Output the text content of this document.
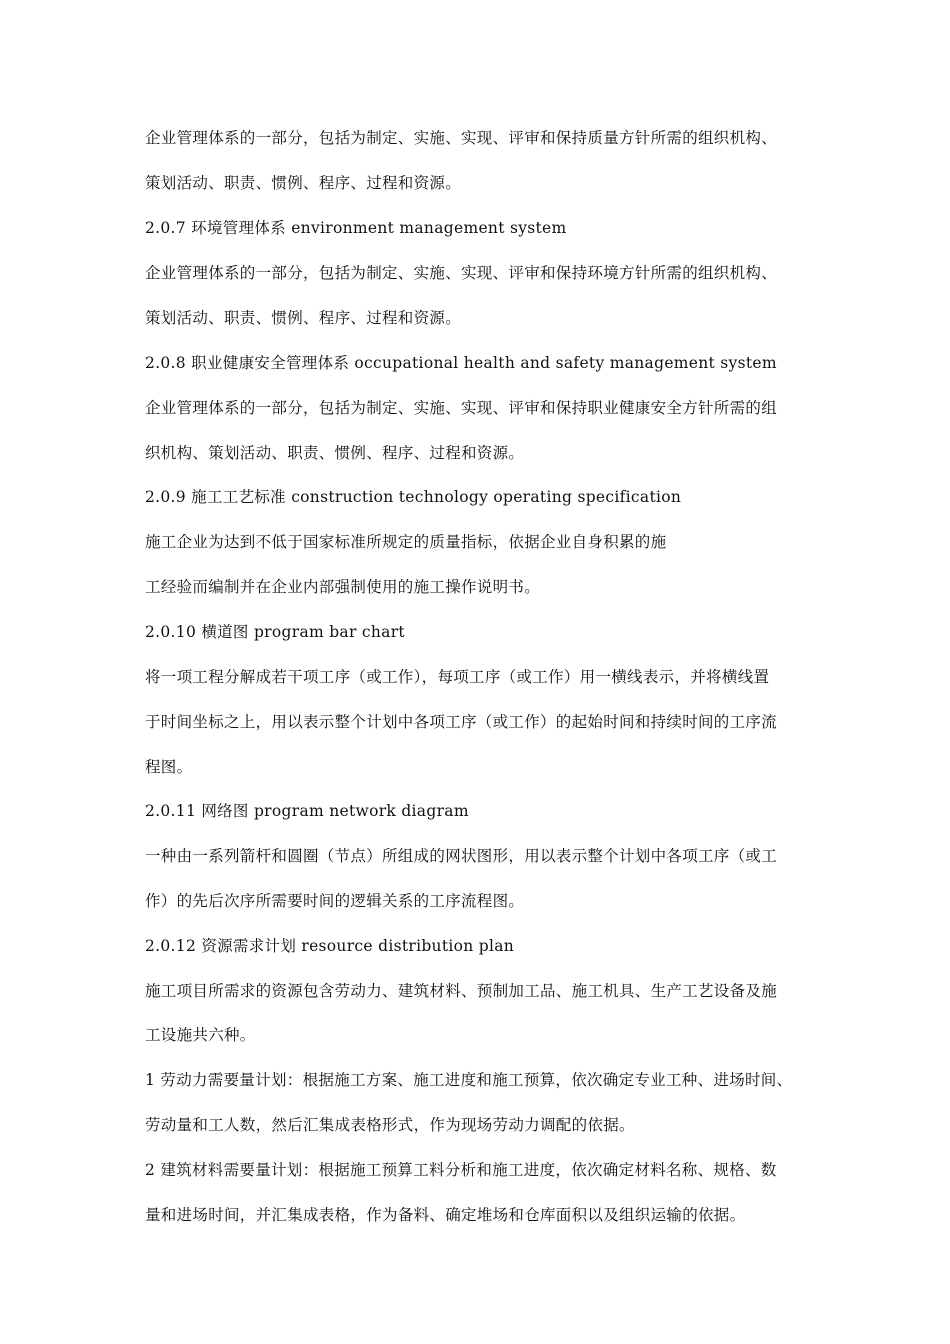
企业管理体系的一部分，包括为制定、实施、实现、评审和保持质量方针所需的组织机构、
策划活动、职责、惯例、程序、过程和资源。
2.0.7 环境管理体系 environment management system
企业管理体系的一部分，包括为制定、实施、实现、评审和保持环境方针所需的组织机构、
策划活动、职责、惯例、程序、过程和资源。
2.0.8 职业健康安全管理体系 occupational health and safety management system
企业管理体系的一部分，包括为制定、实施、实现、评审和保持职业健康安全方针所需的组
织机构、策划活动、职责、惯例、程序、过程和资源。
2.0.9 施工工艺标准 construction technology operating specification
施工企业为达到不低于国家标准所规定的质量指标，依据企业自身积累的施
工经验而编制并在企业内部强制使用的施工操作说明书。
2.0.10 横道图 program bar chart
将一项工程分解成若干项工序（或工作），每项工序（或工作）用一横线表示，并将横线置
于时间坐标之上，用以表示整个计划中各项工序（或工作）的起始时间和持续时间的工序流
程图。
2.0.11 网络图 program network diagram
一种由一系列箭杆和圆圈（节点）所组成的网状图形，用以表示整个计划中各项工序（或工
作）的先后次序所需要时间的逻辑关系的工序流程图。
2.0.12 资源需求计划 resource distribution plan
施工项目所需求的资源包含劳动力、建筑材料、预制加工品、施工机具、生产工艺设备及施
工设施共六种。
1 劳动力需要量计划：根据施工方案、施工进度和施工预算，依次确定专业工种、进场时间、
劳动量和工人数，然后汇集成表格形式，作为现场劳动力调配的依据。
2 建筑材料需要量计划：根据施工预算工料分析和施工进度，依次确定材料名称、规格、数
量和进场时间，并汇集成表格，作为备料、确定堆场和仓库面积以及组织运输的依据。
